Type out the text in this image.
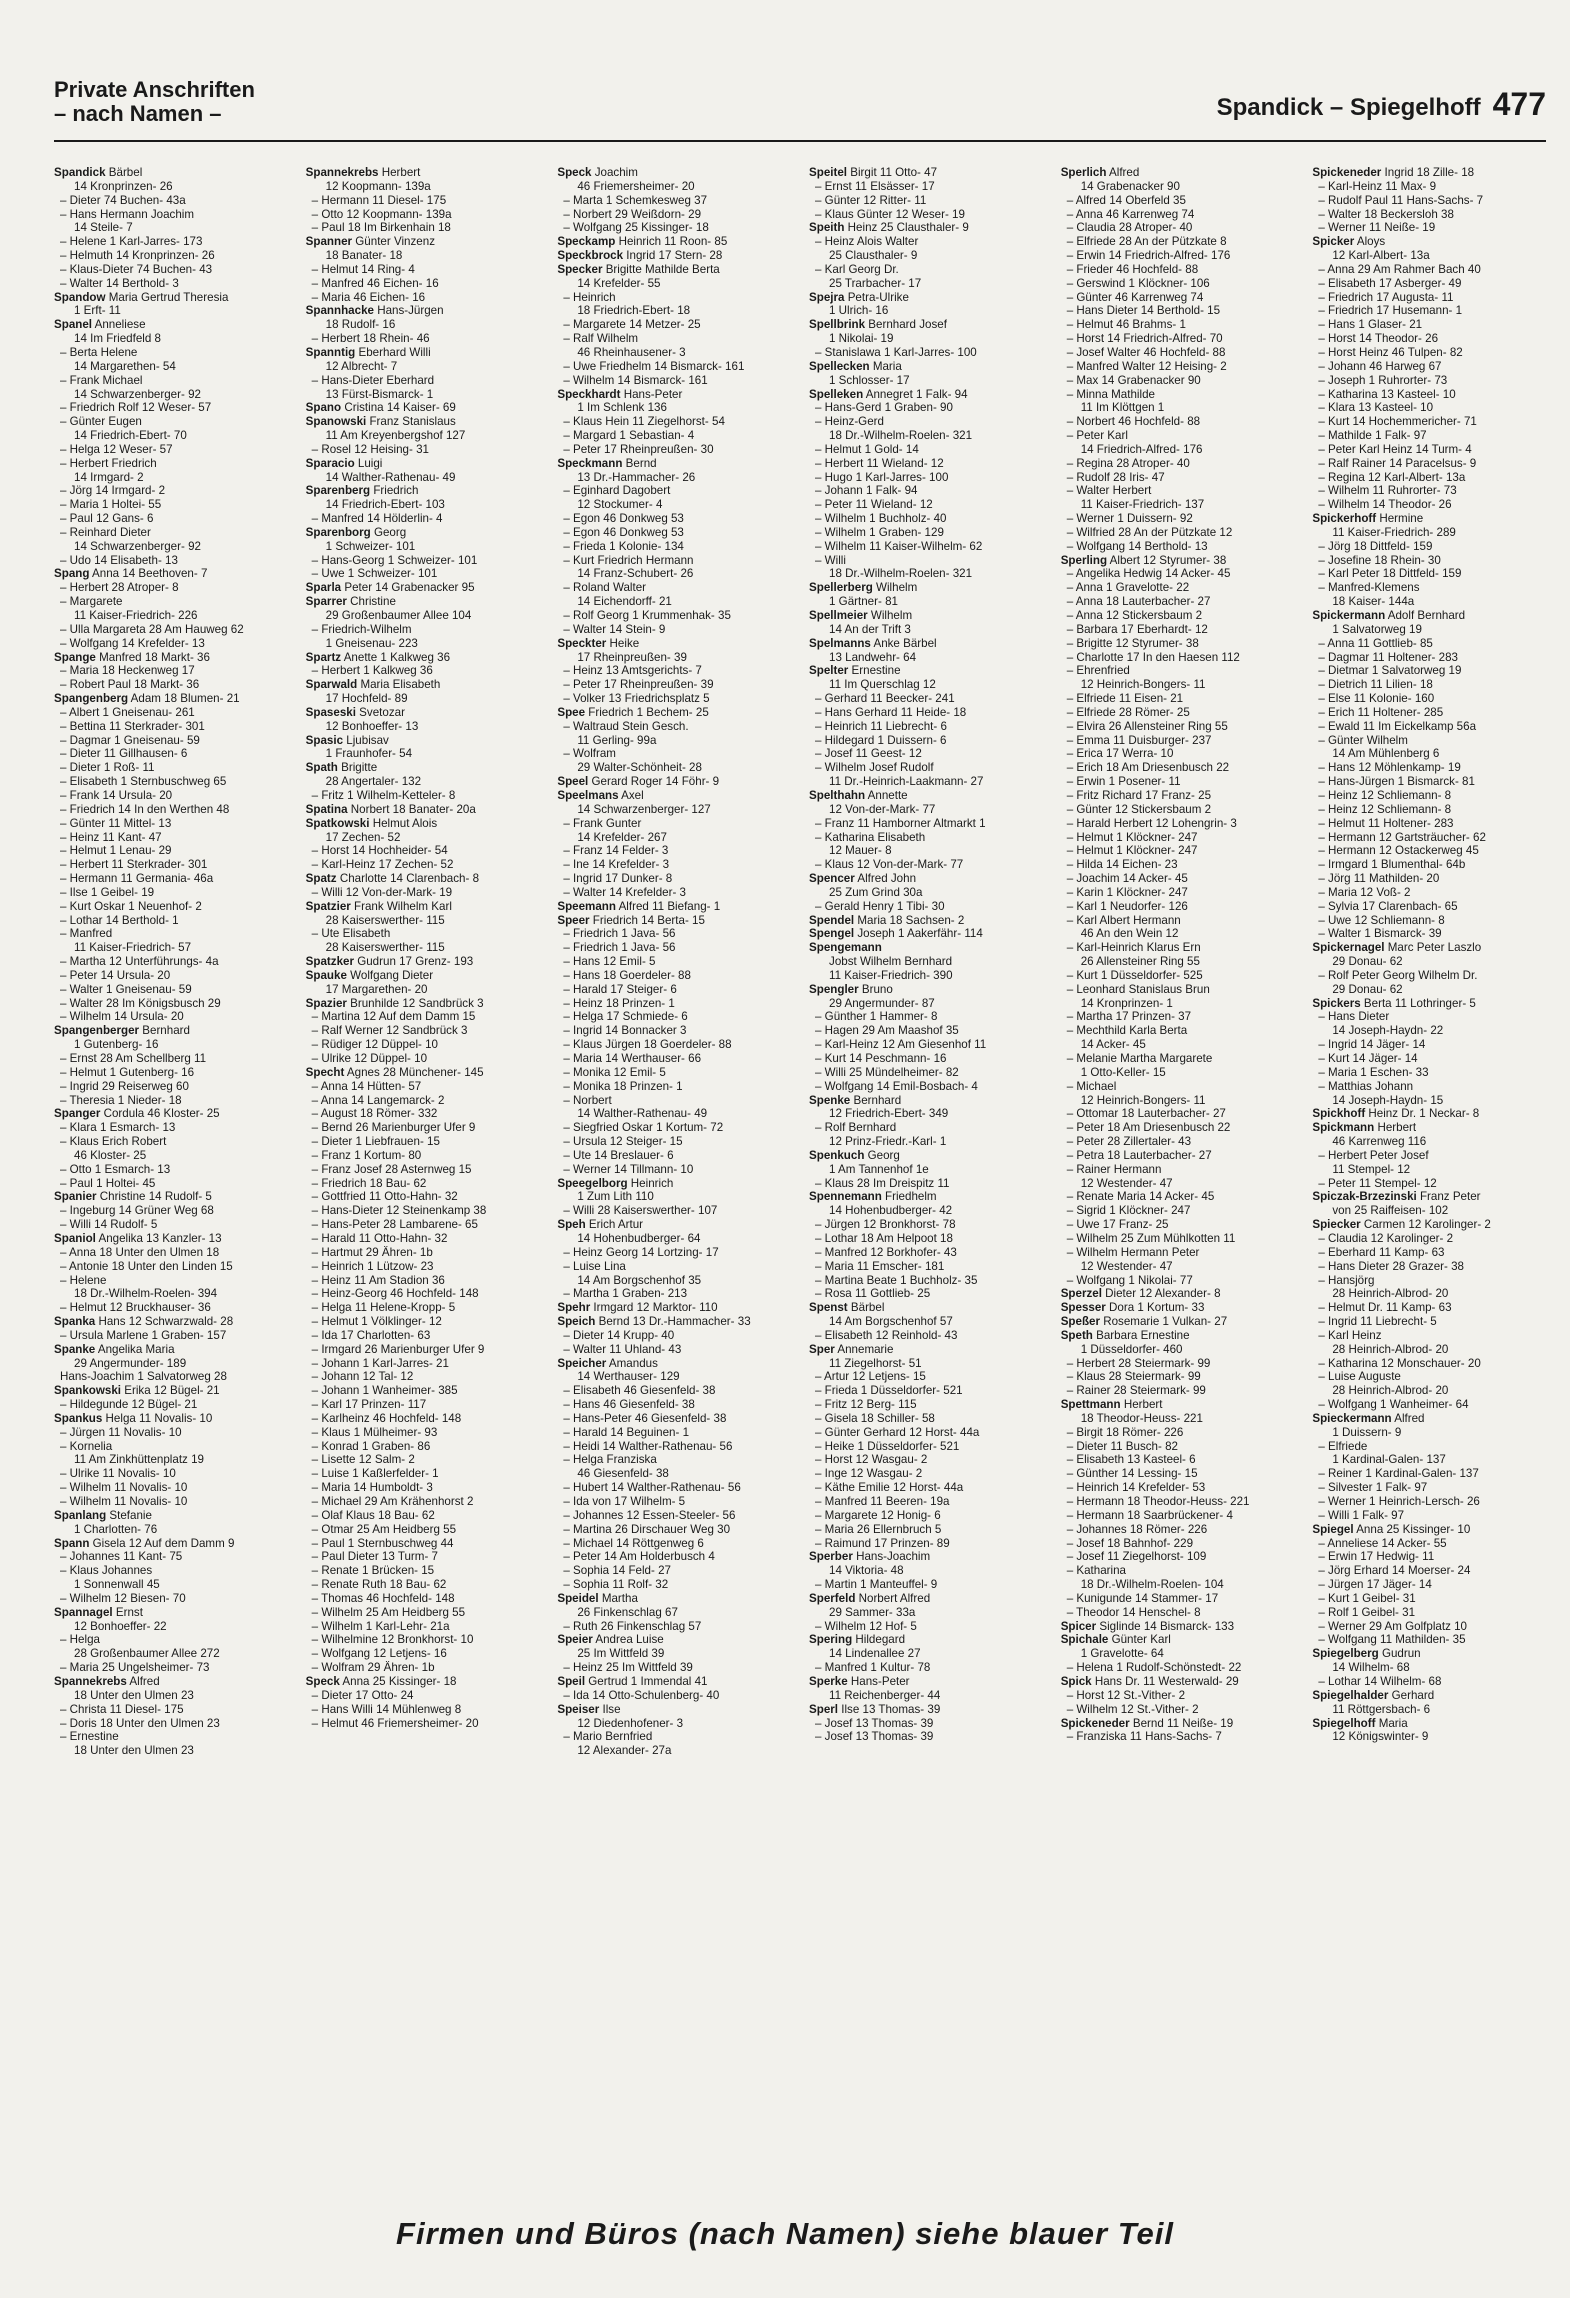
Private Anschriften
– nach Namen –	Spandick – Spiegelhoff 477
Spandick Bärbel
14 Kronprinzen- 26
– Dieter 74 Buchen- 43a
– Hans Hermann Joachim
14 Steile- 7
– Helene 1 Karl-Jarres- 173
– Helmuth 14 Kronprinzen- 26
– Klaus-Dieter 74 Buchen- 43
– Walter 14 Berthold- 3
Spandow Maria Gertrud Theresia
1 Erft- 11
Spanel Anneliese
14 Im Friedfeld 8
– Berta Helene
14 Margarethen- 54
– Frank Michael
14 Schwarzenberger- 92
– Friedrich Rolf 12 Weser- 57
– Günter Eugen
14 Friedrich-Ebert- 70
– Helga 12 Weser- 57
– Herbert Friedrich
14 Irmgard- 2
– Jörg 14 Irmgard- 2
– Maria 1 Holtei- 55
– Paul 12 Gans- 6
– Reinhard Dieter
14 Schwarzenberger- 92
– Udo 14 Elisabeth- 13
Spang Anna 14 Beethoven- 7
– Herbert 28 Atroper- 8
– Margarete
11 Kaiser-Friedrich- 226
– Ulla Margareta 28 Am Hauweg 62
– Wolfgang 14 Krefelder- 13
Spange Manfred 18 Markt- 36
– Maria 18 Heckenweg 17
– Robert Paul 18 Markt- 36
Spangenberg Adam 18 Blumen- 21
– Albert 1 Gneisenau- 261
– Bettina 11 Sterkrader- 301
– Dagmar 1 Gneisenau- 59
– Dieter 11 Gillhausen- 6
– Dieter 1 Roß- 11
– Elisabeth 1 Sternbuschweg 65
– Frank 14 Ursula- 20
– Friedrich 14 In den Werthen 48
– Günter 11 Mittel- 13
– Heinz 11 Kant- 47
– Helmut 1 Lenau- 29
– Herbert 11 Sterkrader- 301
– Hermann 11 Germania- 46a
– Ilse 1 Geibel- 19
– Kurt Oskar 1 Neuenhof- 2
– Lothar 14 Berthold- 1
– Manfred
11 Kaiser-Friedrich- 57
– Martha 12 Unterführungs- 4a
– Peter 14 Ursula- 20
– Walter 1 Gneisenau- 59
– Walter 28 Im Königsbusch 29
– Wilhelm 14 Ursula- 20
Spangenberger Bernhard
1 Gutenberg- 16
– Ernst 28 Am Schellberg 11
– Helmut 1 Gutenberg- 16
– Ingrid 29 Reiserweg 60
– Theresia 1 Nieder- 18
Spanger Cordula 46 Kloster- 25
– Klara 1 Esmarch- 13
– Klaus Erich Robert
46 Kloster- 25
– Otto 1 Esmarch- 13
– Paul 1 Holtei- 45
Spanier Christine 14 Rudolf- 5
– Ingeburg 14 Grüner Weg 68
– Willi 14 Rudolf- 5
Spaniol Angelika 13 Kanzler- 13
– Anna 18 Unter den Ulmen 18
– Antonie 18 Unter den Linden 15
– Helene
18 Dr.-Wilhelm-Roelen- 394
– Helmut 12 Bruckhauser- 36
Spanka Hans 12 Schwarzwald- 28
– Ursula Marlene 1 Graben- 157
Spanke Angelika Maria
29 Angermunder- 189
Hans-Joachim 1 Salvatorweg 28
Spankowski Erika 12 Bügel- 21
– Hildegunde 12 Bügel- 21
Spankus Helga 11 Novalis- 10
– Jürgen 11 Novalis- 10
– Kornelia
11 Am Zinkhüttenplatz 19
– Ulrike 11 Novalis- 10
– Wilhelm 11 Novalis- 10
– Wilhelm 11 Novalis- 10
Spanlang Stefanie
1 Charlotten- 76
Spann Gisela 12 Auf dem Damm 9
– Johannes 11 Kant- 75
– Klaus Johannes
1 Sonnenwall 45
– Wilhelm 12 Biesen- 70
Spannagel Ernst
12 Bonhoeffer- 22
– Helga
28 Großenbaumer Allee 272
– Maria 25 Ungelsheimer- 73
Spannekrebs Alfred
18 Unter den Ulmen 23
– Christa 11 Diesel- 175
– Doris 18 Unter den Ulmen 23
– Ernestine
18 Unter den Ulmen 23
Spannekrebs Herbert
12 Koopmann- 139a
– Hermann 11 Diesel- 175
– Otto 12 Koopmann- 139a
– Paul 18 Im Birkenhain 18
Spanner Günter Vinzenz
18 Banater- 18
– Helmut 14 Ring- 4
– Manfred 46 Eichen- 16
– Maria 46 Eichen- 16
Spannhacke Hans-Jürgen
18 Rudolf- 16
– Herbert 18 Rhein- 46
Spanntig Eberhard Willi
12 Albrecht- 7
– Hans-Dieter Eberhard
13 Fürst-Bismarck- 1
Spano Cristina 14 Kaiser- 69
Spanowski Franz Stanislaus
11 Am Kreyenbergshof 127
– Rosel 12 Heising- 31
Sparacio Luigi
14 Walther-Rathenau- 49
Sparenberg Friedrich
14 Friedrich-Ebert- 103
– Manfred 14 Hölderlin- 4
Sparenborg Georg
1 Schweizer- 101
– Hans-Georg 1 Schweizer- 101
– Uwe 1 Schweizer- 101
Sparla Peter 14 Grabenacker 95
Sparrer Christine
29 Großenbaumer Allee 104
– Friedrich-Wilhelm
1 Gneisenau- 223
Spartz Anette 1 Kalkweg 36
– Herbert 1 Kalkweg 36
Sparwald Maria Elisabeth
17 Hochfeld- 89
Spaseski Svetozar
12 Bonhoeffer- 13
Spasic Ljubisav
1 Fraunhofer- 54
Spath Brigitte
28 Angertaler- 132
– Fritz 1 Wilhelm-Ketteler- 8
Spatina Norbert 18 Banater- 20a
Spatkowski Helmut Alois
17 Zechen- 52
– Horst 14 Hochheider- 54
– Karl-Heinz 17 Zechen- 52
Spatz Charlotte 14 Clarenbach- 8
– Willi 12 Von-der-Mark- 19
Spatzier Frank Wilhelm Karl
28 Kaiserswerther- 115
– Ute Elisabeth
28 Kaiserswerther- 115
Spatzker Gudrun 17 Grenz- 193
Spauke Wolfgang Dieter
17 Margarethen- 20
Spazier Brunhilde 12 Sandbrück 3
– Martina 12 Auf dem Damm 15
– Ralf Werner 12 Sandbrück 3
– Rüdiger 12 Düppel- 10
– Ulrike 12 Düppel- 10
Specht Agnes 28 Münchener- 145
– Anna 14 Hütten- 57
– Anna 14 Langemarck- 2
– August 18 Römer- 332
– Bernd 26 Marienburger Ufer 9
– Dieter 1 Liebfrauen- 15
– Franz 1 Kortum- 80
– Franz Josef 28 Asternweg 15
– Friedrich 18 Bau- 62
– Gottfried 11 Otto-Hahn- 32
– Hans-Dieter 12 Steinenkamp 38
– Hans-Peter 28 Lambarene- 65
– Harald 11 Otto-Hahn- 32
– Hartmut 29 Ähren- 1b
– Heinrich 1 Lützow- 23
– Heinz 11 Am Stadion 36
– Heinz-Georg 46 Hochfeld- 148
– Helga 11 Helene-Kropp- 5
– Helmut 1 Völklinger- 12
– Ida 17 Charlotten- 63
– Irmgard 26 Marienburger Ufer 9
– Johann 1 Karl-Jarres- 21
– Johann 12 Tal- 12
– Johann 1 Wanheimer- 385
– Karl 17 Prinzen- 117
– Karlheinz 46 Hochfeld- 148
– Klaus 1 Mülheimer- 93
– Konrad 1 Graben- 86
– Lisette 12 Salm- 2
– Luise 1 Kaßlerfelder- 1
– Maria 14 Humboldt- 3
– Michael 29 Am Krähenhorst 2
– Olaf Klaus 18 Bau- 62
– Otmar 25 Am Heidberg 55
– Paul 1 Sternbuschweg 44
– Paul Dieter 13 Turm- 7
– Renate 1 Brücken- 15
– Renate Ruth 18 Bau- 62
– Thomas 46 Hochfeld- 148
– Wilhelm 25 Am Heidberg 55
– Wilhelm 1 Karl-Lehr- 21a
– Wilhelmine 12 Bronkhorst- 10
– Wolfgang 12 Letjens- 16
– Wolfram 29 Ähren- 1b
Speck Anna 25 Kissinger- 18
– Dieter 17 Otto- 24
– Hans Willi 14 Mühlenweg 8
– Helmut 46 Friemersheimer- 20
Speck Joachim
46 Friemersheimer- 20
– Marta 1 Schemkesweg 37
– Norbert 29 Weißdorn- 29
– Wolfgang 25 Kissinger- 18
Speckamp Heinrich 11 Roon- 85
Speckbrock Ingrid 17 Stern- 28
Specker Brigitte Mathilde Berta
14 Krefelder- 55
– Heinrich
18 Friedrich-Ebert- 18
– Margarete 14 Metzer- 25
– Ralf Wilhelm
46 Rheinhausener- 3
– Uwe Friedhelm 14 Bismarck- 161
– Wilhelm 14 Bismarck- 161
Speckhardt Hans-Peter
1 Im Schlenk 136
– Klaus Hein 11 Ziegelhorst- 54
– Margard 1 Sebastian- 4
– Peter 17 Rheinpreußen- 30
Speckmann Bernd
13 Dr.-Hammacher- 26
– Eginhard Dagobert
12 Stockumer- 4
– Egon 46 Donkweg 53
– Egon 46 Donkweg 53
– Frieda 1 Kolonie- 134
– Kurt Friedrich Hermann
14 Franz-Schubert- 26
– Roland Walter
14 Eichendorff- 21
– Rolf Georg 1 Krummenhak- 35
– Walter 14 Stein- 9
Speckter Heike
17 Rheinpreußen- 39
– Heinz 13 Amtsgerichts- 7
– Peter 17 Rheinpreußen- 39
– Volker 13 Friedrichsplatz 5
Spee Friedrich 1 Bechem- 25
– Waltraud Stein Gesch.
11 Gerling- 99a
– Wolfram
29 Walter-Schönheit- 28
Speel Gerard Roger 14 Föhr- 9
Speelmans Axel
14 Schwarzenberger- 127
– Frank Gunter
14 Krefelder- 267
– Franz 14 Felder- 3
– Ine 14 Krefelder- 3
– Ingrid 17 Dunker- 8
– Walter 14 Krefelder- 3
Speemann Alfred 11 Biefang- 1
Speer Friedrich 14 Berta- 15
– Friedrich 1 Java- 56
– Friedrich 1 Java- 56
– Hans 12 Emil- 5
– Hans 18 Goerdeler- 88
– Harald 17 Steiger- 6
– Heinz 18 Prinzen- 1
– Helga 17 Schmiede- 6
– Ingrid 14 Bonnacker 3
– Klaus Jürgen 18 Goerdeler- 88
– Maria 14 Werthauser- 66
– Monika 12 Emil- 5
– Monika 18 Prinzen- 1
– Norbert
14 Walther-Rathenau- 49
– Siegfried Oskar 1 Kortum- 72
– Ursula 12 Steiger- 15
– Ute 14 Breslauer- 6
– Werner 14 Tillmann- 10
Speegelborg Heinrich
1 Zum Lith 110
– Willi 28 Kaiserswerther- 107
Speh Erich Artur
14 Hohenbudberger- 64
– Heinz Georg 14 Lortzing- 17
– Luise Lina
14 Am Borgschenhof 35
– Martha 1 Graben- 213
Spehr Irmgard 12 Marktor- 110
Speich Bernd 13 Dr.-Hammacher- 33
– Dieter 14 Krupp- 40
– Walter 11 Uhland- 43
Speicher Amandus
14 Werthauser- 129
– Elisabeth 46 Giesenfeld- 38
– Hans 46 Giesenfeld- 38
– Hans-Peter 46 Giesenfeld- 38
– Harald 14 Beguinen- 1
– Heidi 14 Walther-Rathenau- 56
– Helga Franziska
46 Giesenfeld- 38
– Hubert 14 Walther-Rathenau- 56
– Ida von 17 Wilhelm- 5
– Johannes 12 Essen-Steeler- 56
– Martina 26 Dirschauer Weg 30
– Michael 14 Röttgenweg 6
– Peter 14 Am Holderbusch 4
– Sophia 14 Feld- 27
– Sophia 11 Rolf- 32
Speidel Martha
26 Finkenschlag 67
– Ruth 26 Finkenschlag 57
Speier Andrea Luise
25 Im Wittfeld 39
– Heinz 25 Im Wittfeld 39
Speil Gertrud 1 Immendal 41
– Ida 14 Otto-Schulenberg- 40
Speiser Ilse
12 Diedenhofener- 3
– Mario Bernfried
12 Alexander- 27a
Speitel Birgit 11 Otto- 47
– Ernst 11 Elsässer- 17
– Günter 12 Ritter- 11
– Klaus Günter 12 Weser- 19
Speith Heinz 25 Clausthaler- 9
– Heinz Alois Walter
25 Clausthaler- 9
– Karl Georg Dr.
25 Trarbacher- 17
Spejra Petra-Ulrike
1 Ulrich- 16
Spellbrink Bernhard Josef
1 Nikolai- 19
– Stanislawa 1 Karl-Jarres- 100
Spellecken Maria
1 Schlosser- 17
Spelleken Annegret 1 Falk- 94
– Hans-Gerd 1 Graben- 90
– Heinz-Gerd
18 Dr.-Wilhelm-Roelen- 321
– Helmut 1 Gold- 14
– Herbert 11 Wieland- 12
– Hugo 1 Karl-Jarres- 100
– Johann 1 Falk- 94
– Peter 11 Wieland- 12
– Wilhelm 1 Buchholz- 40
– Wilhelm 1 Graben- 129
– Wilhelm 11 Kaiser-Wilhelm- 62
– Willi
18 Dr.-Wilhelm-Roelen- 321
Spellerberg Wilhelm
1 Gärtner- 81
Spellmeier Wilhelm
14 An der Trift 3
Spelmanns Anke Bärbel
13 Landwehr- 64
Spelter Ernestine
11 Im Querschlag 12
– Gerhard 11 Beecker- 241
– Hans Gerhard 11 Heide- 18
– Heinrich 11 Liebrecht- 6
– Hildegard 1 Duissern- 6
– Josef 11 Geest- 12
– Wilhelm Josef Rudolf
11 Dr.-Heinrich-Laakmann- 27
Spelthahn Annette
12 Von-der-Mark- 77
– Franz 11 Hamborner Altmarkt 1
– Katharina Elisabeth
12 Mauer- 8
– Klaus 12 Von-der-Mark- 77
Spencer Alfred John
25 Zum Grind 30a
– Gerald Henry 1 Tibi- 30
Spendel Maria 18 Sachsen- 2
Spengel Joseph 1 Aakerfähr- 114
Spengemann
Jobst Wilhelm Bernhard
11 Kaiser-Friedrich- 390
Spengler Bruno
29 Angermunder- 87
– Günther 1 Hammer- 8
– Hagen 29 Am Maashof 35
– Karl-Heinz 12 Am Giesenhof 11
– Kurt 14 Peschmann- 16
– Willi 25 Mündelheimer- 82
– Wolfgang 14 Emil-Bosbach- 4
Spenke Bernhard
12 Friedrich-Ebert- 349
– Rolf Bernhard
12 Prinz-Friedr.-Karl- 1
Spenkuch Georg
1 Am Tannenhof 1e
– Klaus 28 Im Dreispitz 11
Spennemann Friedhelm
14 Hohenbudberger- 42
– Jürgen 12 Bronkhorst- 78
– Lothar 18 Am Helpoot 18
– Manfred 12 Borkhofer- 43
– Maria 11 Emscher- 181
– Martina Beate 1 Buchholz- 35
– Rosa 11 Gottlieb- 25
Spenst Bärbel
14 Am Borgschenhof 57
– Elisabeth 12 Reinhold- 43
Sper Annemarie
11 Ziegelhorst- 51
– Artur 12 Letjens- 15
– Frieda 1 Düsseldorfer- 521
– Fritz 12 Berg- 115
– Gisela 18 Schiller- 58
– Günter Gerhard 12 Horst- 44a
– Heike 1 Düsseldorfer- 521
– Horst 12 Wasgau- 2
– Inge 12 Wasgau- 2
– Käthe Emilie 12 Horst- 44a
– Manfred 11 Beeren- 19a
– Margarete 12 Honig- 6
– Maria 26 Ellernbruch 5
– Raimund 17 Prinzen- 89
Sperber Hans-Joachim
14 Viktoria- 48
– Martin 1 Manteuffel- 9
Sperfeld Norbert Alfred
29 Sammer- 33a
– Wilhelm 12 Hof- 5
Spering Hildegard
14 Lindenallee 27
– Manfred 1 Kultur- 78
Sperke Hans-Peter
11 Reichenberger- 44
Sperl Ilse 13 Thomas- 39
– Josef 13 Thomas- 39
– Josef 13 Thomas- 39
Sperlich Alfred
14 Grabenacker 90
– Alfred 14 Oberfeld 35
– Anna 46 Karrenweg 74
– Claudia 28 Atroper- 40
– Elfriede 28 An der Pützkate 8
– Erwin 14 Friedrich-Alfred- 176
– Frieder 46 Hochfeld- 88
– Gerswind 1 Klöckner- 106
– Günter 46 Karrenweg 74
– Hans Dieter 14 Berthold- 15
– Helmut 46 Brahms- 1
– Horst 14 Friedrich-Alfred- 70
– Josef Walter 46 Hochfeld- 88
– Manfred Walter 12 Heising- 2
– Max 14 Grabenacker 90
– Minna Mathilde
11 Im Klöttgen 1
– Norbert 46 Hochfeld- 88
– Peter Karl
14 Friedrich-Alfred- 176
– Regina 28 Atroper- 40
– Rudolf 28 Iris- 47
– Walter Herbert
11 Kaiser-Friedrich- 137
– Werner 1 Duissern- 92
– Wilfried 28 An der Pützkate 12
– Wolfgang 14 Berthold- 13
Sperling Albert 12 Styrumer- 38
– Angelika Hedwig 14 Acker- 45
– Anna 1 Gravelotte- 22
– Anna 18 Lauterbacher- 27
– Anna 12 Stickersbaum 2
– Barbara 17 Eberhardt- 12
– Brigitte 12 Styrumer- 38
– Charlotte 17 In den Haesen 112
– Ehrenfried
12 Heinrich-Bongers- 11
– Elfriede 11 Eisen- 21
– Elfriede 28 Römer- 25
– Elvira 26 Allensteiner Ring 55
– Emma 11 Duisburger- 237
– Erica 17 Werra- 10
– Erich 18 Am Driesenbusch 22
– Erwin 1 Posener- 11
– Fritz Richard 17 Franz- 25
– Günter 12 Stickersbaum 2
– Harald Herbert 12 Lohengrin- 3
– Helmut 1 Klöckner- 247
– Helmut 1 Klöckner- 247
– Hilda 14 Eichen- 23
– Joachim 14 Acker- 45
– Karin 1 Klöckner- 247
– Karl 1 Neudorfer- 126
– Karl Albert Hermann
46 An den Wein 12
– Karl-Heinrich Klarus Ern
26 Allensteiner Ring 55
– Kurt 1 Düsseldorfer- 525
– Leonhard Stanislaus Brun
14 Kronprinzen- 1
– Martha 17 Prinzen- 37
– Mechthild Karla Berta
14 Acker- 45
– Melanie Martha Margarete
1 Otto-Keller- 15
– Michael
12 Heinrich-Bongers- 11
– Ottomar 18 Lauterbacher- 27
– Peter 18 Am Driesenbusch 22
– Peter 28 Zillertaler- 43
– Petra 18 Lauterbacher- 27
– Rainer Hermann
12 Westender- 47
– Renate Maria 14 Acker- 45
– Sigrid 1 Klöckner- 247
– Uwe 17 Franz- 25
– Wilhelm 25 Zum Mühlkotten 11
– Wilhelm Hermann Peter
12 Westender- 47
– Wolfgang 1 Nikolai- 77
Sperzel Dieter 12 Alexander- 8
Spesser Dora 1 Kortum- 33
Speßer Rosemarie 1 Vulkan- 27
Speth Barbara Ernestine
1 Düsseldorfer- 460
– Herbert 28 Steiermark- 99
– Klaus 28 Steiermark- 99
– Rainer 28 Steiermark- 99
Spettmann Herbert
18 Theodor-Heuss- 221
– Birgit 18 Römer- 226
– Dieter 11 Busch- 82
– Elisabeth 13 Kasteel- 6
– Günther 14 Lessing- 15
– Heinrich 14 Krefelder- 53
– Hermann 18 Theodor-Heuss- 221
– Hermann 18 Saarbrückener- 4
– Johannes 18 Römer- 226
– Josef 18 Bahnhof- 229
– Josef 11 Ziegelhorst- 109
– Katharina
18 Dr.-Wilhelm-Roelen- 104
– Kunigunde 14 Stammer- 17
– Theodor 14 Henschel- 8
Spicer Siglinde 14 Bismarck- 133
Spichale Günter Karl
1 Gravelotte- 64
– Helena 1 Rudolf-Schönstedt- 22
Spick Hans Dr. 11 Westerwald- 29
– Horst 12 St.-Vither- 2
– Wilhelm 12 St.-Vither- 2
Spickeneder Bernd 11 Neiße- 19
– Franziska 11 Hans-Sachs- 7
Spickeneder Ingrid 18 Zille- 18
– Karl-Heinz 11 Max- 9
– Rudolf Paul 11 Hans-Sachs- 7
– Walter 18 Beckersloh 38
– Werner 11 Neiße- 19
Spicker Aloys
12 Karl-Albert- 13a
– Anna 29 Am Rahmer Bach 40
– Elisabeth 17 Asberger- 49
– Friedrich 17 Augusta- 11
– Friedrich 17 Husemann- 1
– Hans 1 Glaser- 21
– Horst 14 Theodor- 26
– Horst Heinz 46 Tulpen- 82
– Johann 46 Harweg 67
– Joseph 1 Ruhrorter- 73
– Katharina 13 Kasteel- 10
– Klara 13 Kasteel- 10
– Kurt 14 Hochemmericher- 71
– Mathilde 1 Falk- 97
– Peter Karl Heinz 14 Turm- 4
– Ralf Rainer 14 Paracelsus- 9
– Regina 12 Karl-Albert- 13a
– Wilhelm 11 Ruhrorter- 73
– Wilhelm 14 Theodor- 26
Spickerhoff Hermine
11 Kaiser-Friedrich- 289
– Jörg 18 Dittfeld- 159
– Josefine 18 Rhein- 30
– Karl Peter 18 Dittfeld- 159
– Manfred-Klemens
18 Kaiser- 144a
Spickermann Adolf Bernhard
1 Salvatorweg 19
– Anna 11 Gottlieb- 85
– Dagmar 11 Holtener- 283
– Dietmar 1 Salvatorweg 19
– Dietrich 11 Lilien- 18
– Else 11 Kolonie- 160
– Erich 11 Holtener- 285
– Ewald 11 Im Eickelkamp 56a
– Günter Wilhelm
14 Am Mühlenberg 6
– Hans 12 Möhlenkamp- 19
– Hans-Jürgen 1 Bismarck- 81
– Heinz 12 Schliemann- 8
– Heinz 12 Schliemann- 8
– Helmut 11 Holtener- 283
– Hermann 12 Gartsträucher- 62
– Hermann 12 Ostackerweg 45
– Irmgard 1 Blumenthal- 64b
– Jörg 11 Mathilden- 20
– Maria 12 Voß- 2
– Sylvia 17 Clarenbach- 65
– Uwe 12 Schliemann- 8
– Walter 1 Bismarck- 39
Spickernagel Marc Peter Laszlo
29 Donau- 62
– Rolf Peter Georg Wilhelm Dr.
29 Donau- 62
Spickers Berta 11 Lothringer- 5
– Hans Dieter
14 Joseph-Haydn- 22
– Ingrid 14 Jäger- 14
– Kurt 14 Jäger- 14
– Maria 1 Eschen- 33
– Matthias Johann
14 Joseph-Haydn- 15
Spickhoff Heinz Dr. 1 Neckar- 8
Spickmann Herbert
46 Karrenweg 116
– Herbert Peter Josef
11 Stempel- 12
– Peter 11 Stempel- 12
Spiczak-Brzezinski Franz Peter
von 25 Raiffeisen- 102
Spiecker Carmen 12 Karolinger- 2
– Claudia 12 Karolinger- 2
– Eberhard 11 Kamp- 63
– Hans Dieter 28 Grazer- 38
– Hansjörg
28 Heinrich-Albrod- 20
– Helmut Dr. 11 Kamp- 63
– Ingrid 11 Liebrecht- 5
– Karl Heinz
28 Heinrich-Albrod- 20
– Katharina 12 Monschauer- 20
– Luise Auguste
28 Heinrich-Albrod- 20
– Wolfgang 1 Wanheimer- 64
Spieckermann Alfred
1 Duissern- 9
– Elfriede
1 Kardinal-Galen- 137
– Reiner 1 Kardinal-Galen- 137
– Silvester 1 Falk- 97
– Werner 1 Heinrich-Lersch- 26
– Willi 1 Falk- 97
Spiegel Anna 25 Kissinger- 10
– Anneliese 14 Acker- 55
– Erwin 17 Hedwig- 11
– Jörg Erhard 14 Moerser- 24
– Jürgen 17 Jäger- 14
– Kurt 1 Geibel- 31
– Rolf 1 Geibel- 31
– Werner 29 Am Golfplatz 10
– Wolfgang 11 Mathilden- 35
Spiegelberg Gudrun
14 Wilhelm- 68
– Lothar 14 Wilhelm- 68
Spiegelhalder Gerhard
11 Röttgersbach- 6
Spiegelhoff Maria
12 Königswinter- 9
Firmen und Büros (nach Namen) siehe blauer Teil
